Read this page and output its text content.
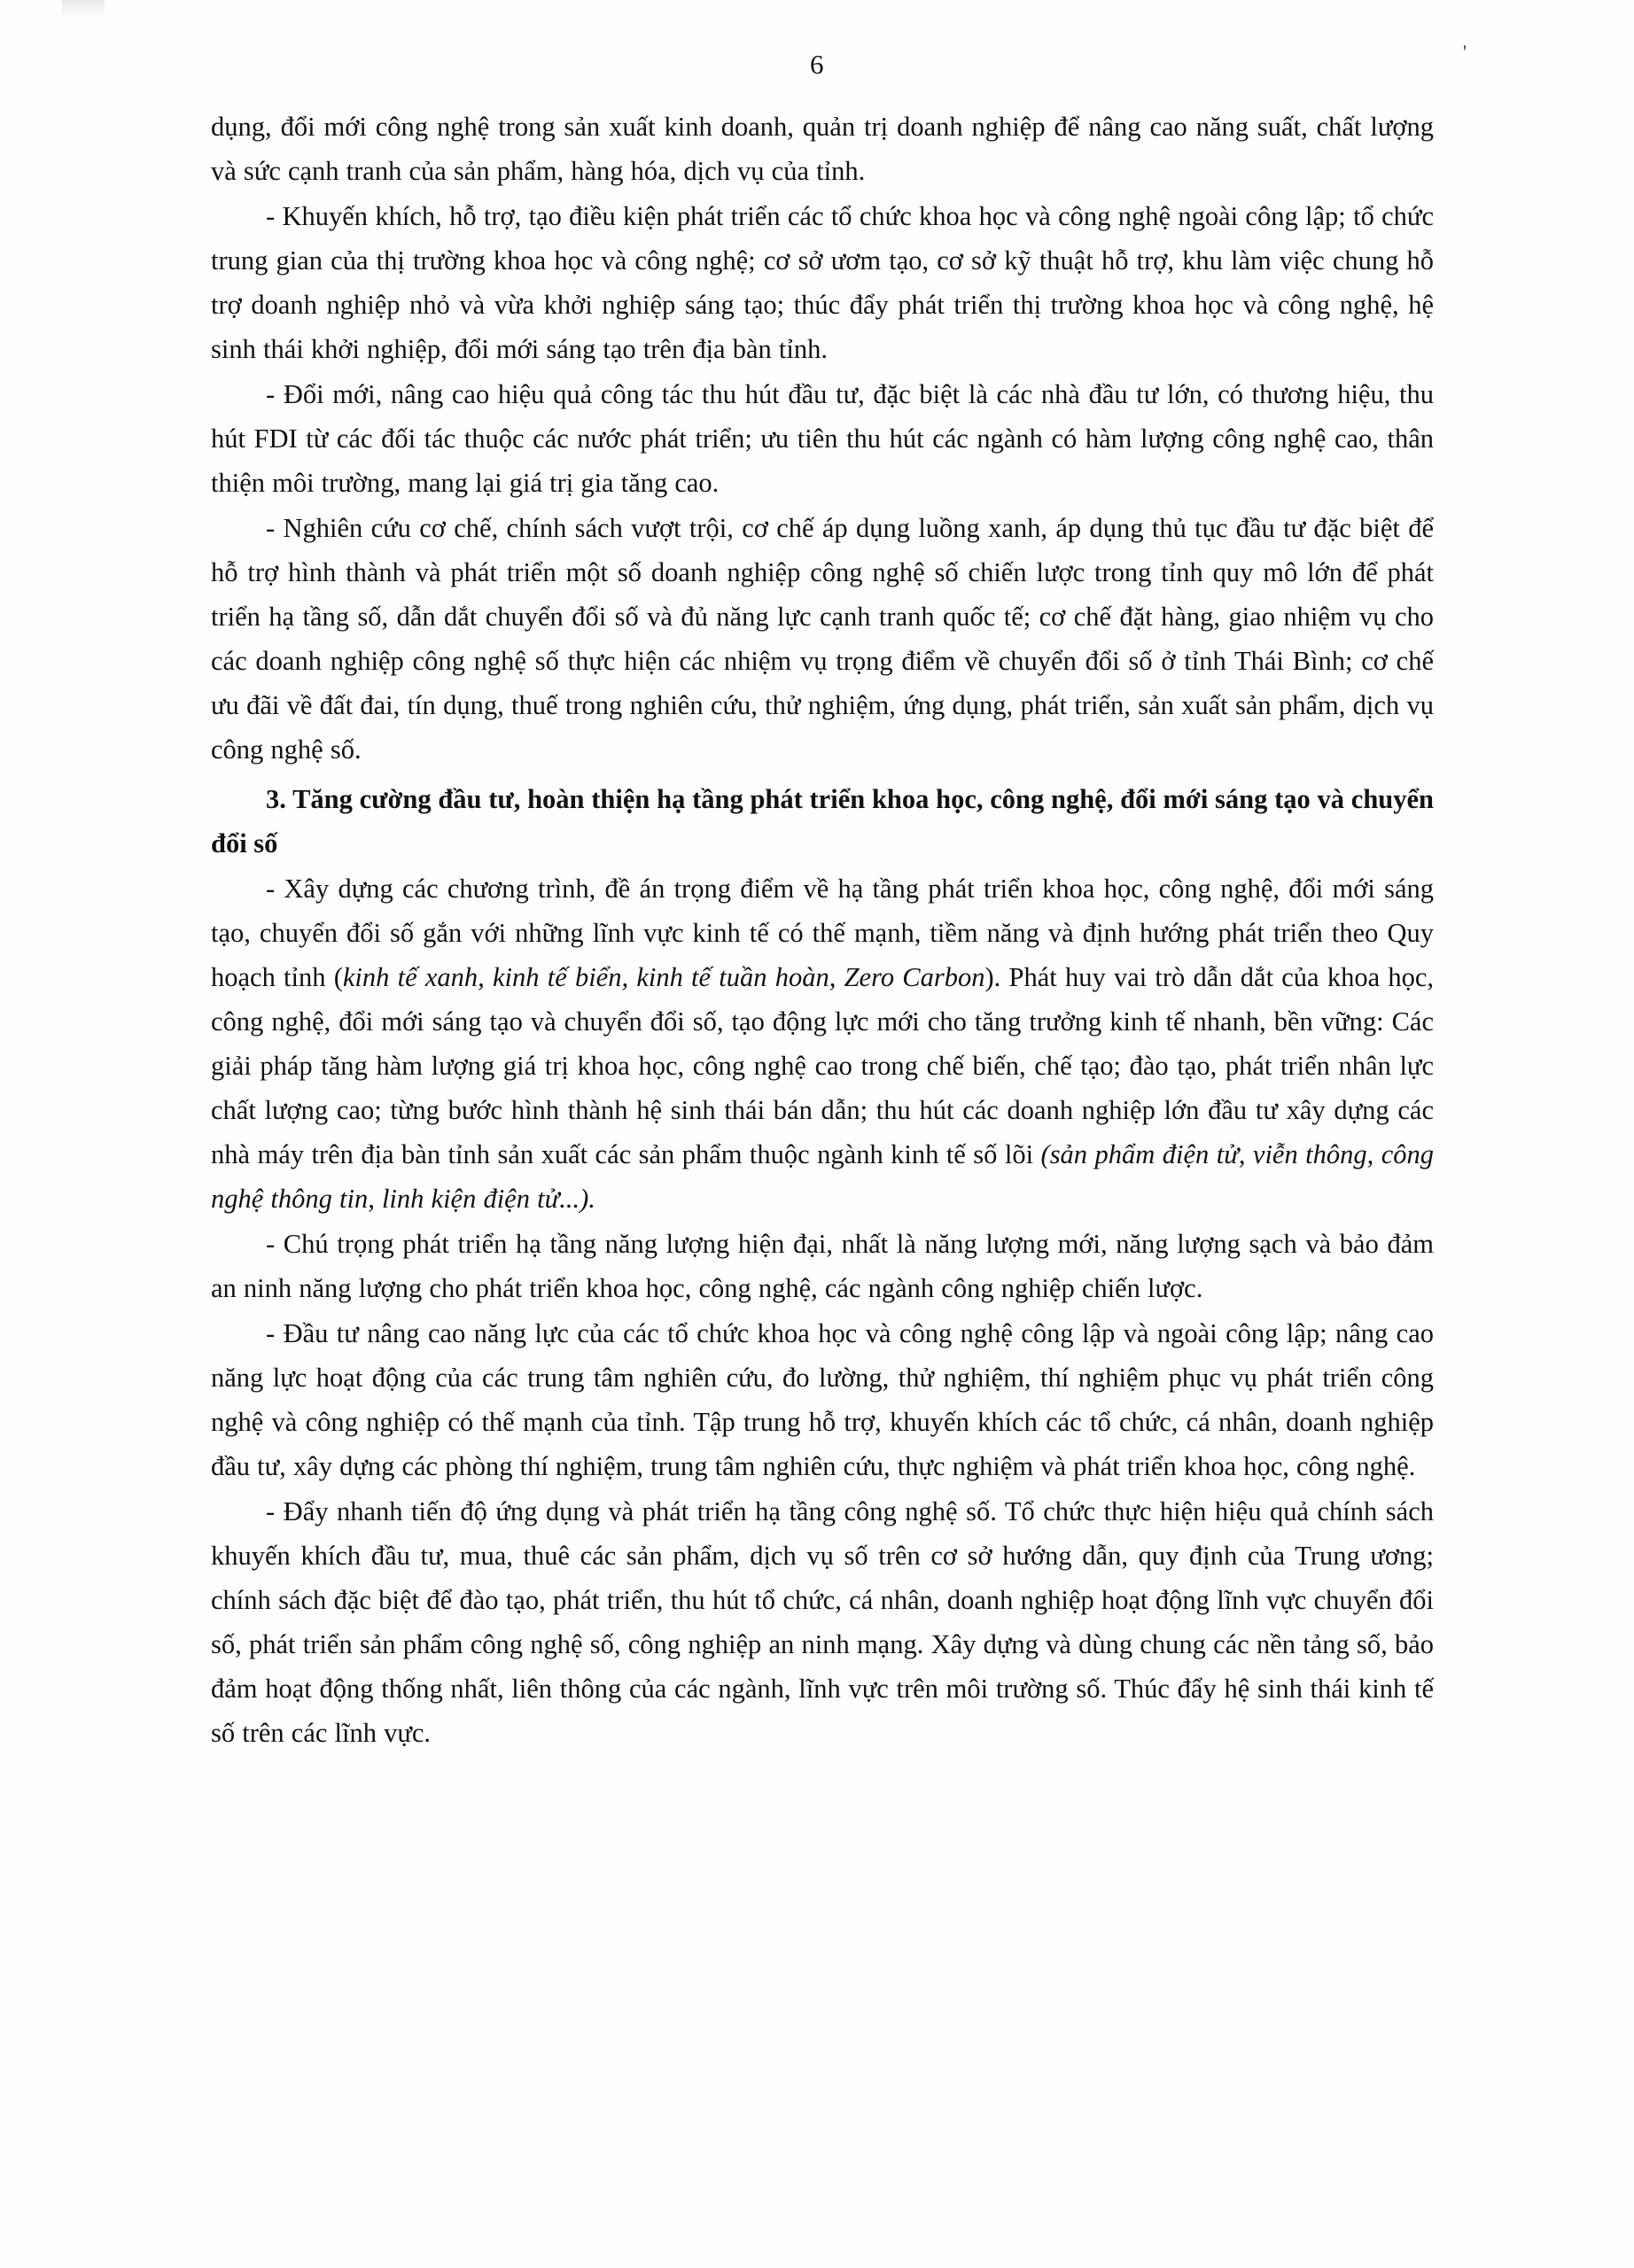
6	'

dụng, đổi mới công nghệ trong sản xuất kinh doanh, quản trị doanh nghiệp để nâng cao năng suất, chất lượng và sức cạnh tranh của sản phẩm, hàng hóa, dịch vụ của tỉnh.

- Khuyến khích, hỗ trợ, tạo điều kiện phát triển các tổ chức khoa học và công nghệ ngoài công lập; tổ chức trung gian của thị trường khoa học và công nghệ; cơ sở ươm tạo, cơ sở kỹ thuật hỗ trợ, khu làm việc chung hỗ trợ doanh nghiệp nhỏ và vừa khởi nghiệp sáng tạo; thúc đẩy phát triển thị trường khoa học và công nghệ, hệ sinh thái khởi nghiệp, đổi mới sáng tạo trên địa bàn tỉnh.

- Đổi mới, nâng cao hiệu quả công tác thu hút đầu tư, đặc biệt là các nhà đầu tư lớn, có thương hiệu, thu hút FDI từ các đối tác thuộc các nước phát triển; ưu tiên thu hút các ngành có hàm lượng công nghệ cao, thân thiện môi trường, mang lại giá trị gia tăng cao.

- Nghiên cứu cơ chế, chính sách vượt trội, cơ chế áp dụng luồng xanh, áp dụng thủ tục đầu tư đặc biệt để hỗ trợ hình thành và phát triển một số doanh nghiệp công nghệ số chiến lược trong tỉnh quy mô lớn để phát triển hạ tầng số, dẫn dắt chuyển đổi số và đủ năng lực cạnh tranh quốc tế; cơ chế đặt hàng, giao nhiệm vụ cho các doanh nghiệp công nghệ số thực hiện các nhiệm vụ trọng điểm về chuyển đổi số ở tỉnh Thái Bình; cơ chế ưu đãi về đất đai, tín dụng, thuế trong nghiên cứu, thử nghiệm, ứng dụng, phát triển, sản xuất sản phẩm, dịch vụ công nghệ số.

3. Tăng cường đầu tư, hoàn thiện hạ tầng phát triển khoa học, công nghệ, đổi mới sáng tạo và chuyển đổi số

- Xây dựng các chương trình, đề án trọng điểm về hạ tầng phát triển khoa học, công nghệ, đổi mới sáng tạo, chuyển đổi số gắn với những lĩnh vực kinh tế có thế mạnh, tiềm năng và định hướng phát triển theo Quy hoạch tỉnh (kinh tế xanh, kinh tế biển, kinh tế tuần hoàn, Zero Carbon). Phát huy vai trò dẫn dắt của khoa học, công nghệ, đổi mới sáng tạo và chuyển đổi số, tạo động lực mới cho tăng trưởng kinh tế nhanh, bền vững: Các giải pháp tăng hàm lượng giá trị khoa học, công nghệ cao trong chế biến, chế tạo; đào tạo, phát triển nhân lực chất lượng cao; từng bước hình thành hệ sinh thái bán dẫn; thu hút các doanh nghiệp lớn đầu tư xây dựng các nhà máy trên địa bàn tỉnh sản xuất các sản phẩm thuộc ngành kinh tế số lõi (sản phẩm điện tử, viễn thông, công nghệ thông tin, linh kiện điện tử...).

- Chú trọng phát triển hạ tầng năng lượng hiện đại, nhất là năng lượng mới, năng lượng sạch và bảo đảm an ninh năng lượng cho phát triển khoa học, công nghệ, các ngành công nghiệp chiến lược.

- Đầu tư nâng cao năng lực của các tổ chức khoa học và công nghệ công lập và ngoài công lập; nâng cao năng lực hoạt động của các trung tâm nghiên cứu, đo lường, thử nghiệm, thí nghiệm phục vụ phát triển công nghệ và công nghiệp có thế mạnh của tỉnh. Tập trung hỗ trợ, khuyến khích các tổ chức, cá nhân, doanh nghiệp đầu tư, xây dựng các phòng thí nghiệm, trung tâm nghiên cứu, thực nghiệm và phát triển khoa học, công nghệ.

- Đẩy nhanh tiến độ ứng dụng và phát triển hạ tầng công nghệ số. Tổ chức thực hiện hiệu quả chính sách khuyến khích đầu tư, mua, thuê các sản phẩm, dịch vụ số trên cơ sở hướng dẫn, quy định của Trung ương; chính sách đặc biệt để đào tạo, phát triển, thu hút tổ chức, cá nhân, doanh nghiệp hoạt động lĩnh vực chuyển đổi số, phát triển sản phẩm công nghệ số, công nghiệp an ninh mạng. Xây dựng và dùng chung các nền tảng số, bảo đảm hoạt động thống nhất, liên thông của các ngành, lĩnh vực trên môi trường số. Thúc đẩy hệ sinh thái kinh tế số trên các lĩnh vực.
